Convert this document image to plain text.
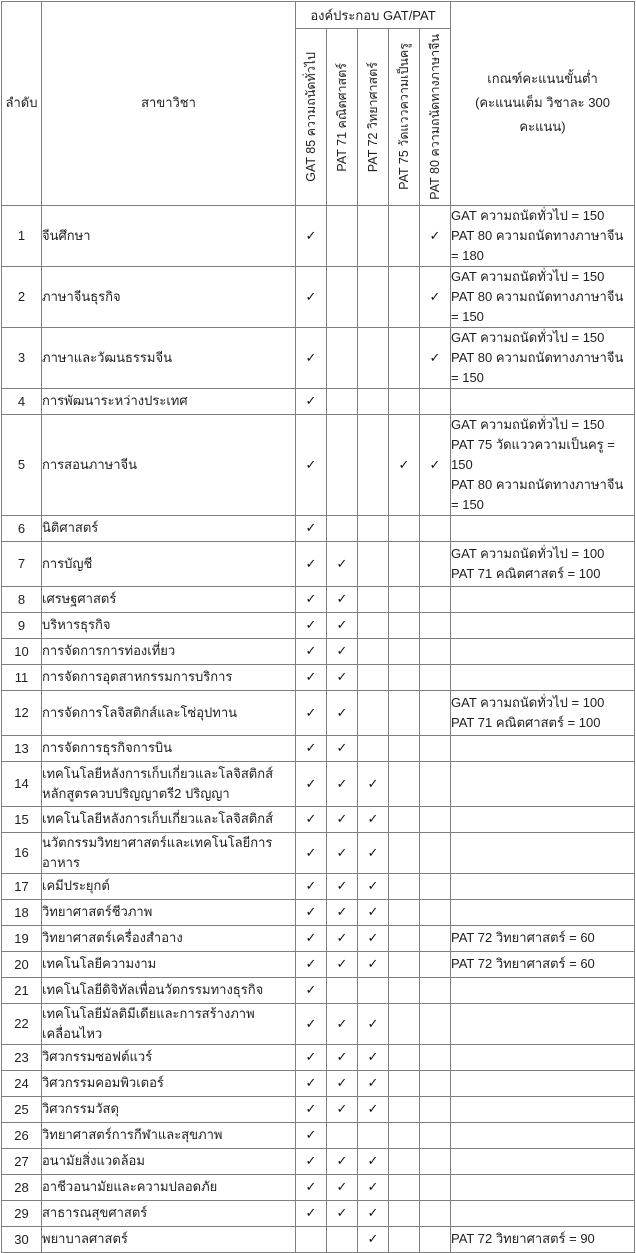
ลำดับ	สาขาวิชา	องค์ประกอบ GAT/PAT					เกณฑ์คะแนนขั้นต่ำ
(คะแนนเต็ม วิชาละ 300 คะแนน)

		GAT 85 ความถนัดทั่วไป	PAT 71 คณิตศาสตร์	PAT 72 วิทยาศาสตร์	PAT 75 วัดแววความเป็นครู	PAT 80 ความถนัดทางภาษาจีน	
1	จีนศึกษา	✓				✓	GAT ความถนัดทั่วไป = 150
PAT 80 ความถนัดทางภาษาจีน = 180

2	ภาษาจีนธุรกิจ	✓				✓	GAT ความถนัดทั่วไป = 150
PAT 80 ความถนัดทางภาษาจีน = 150

3	ภาษาและวัฒนธรรมจีน	✓				✓	GAT ความถนัดทั่วไป = 150
PAT 80 ความถนัดทางภาษาจีน = 150

4	การพัฒนาระหว่างประเทศ	✓					
5	การสอนภาษาจีน	✓			✓	✓	GAT ความถนัดทั่วไป = 150
PAT 75 วัดแววความเป็นครู = 150
PAT 80 ความถนัดทางภาษาจีน = 150

6	นิติศาสตร์	✓					
7	การบัญชี	✓	✓				GAT ความถนัดทั่วไป = 100
PAT 71 คณิตศาสตร์ = 100

8	เศรษฐศาสตร์	✓	✓				
9	บริหารธุรกิจ	✓	✓				
10	การจัดการการท่องเที่ยว	✓	✓				
11	การจัดการอุตสาหกรรมการบริการ	✓	✓				
12	การจัดการโลจิสติกส์และโซ่อุปทาน	✓	✓				GAT ความถนัดทั่วไป = 100
PAT 71 คณิตศาสตร์ = 100

13	การจัดการธุรกิจการบิน	✓	✓				
14	เทคโนโลยีหลังการเก็บเกี่ยวและโลจิสติกส์
หลักสูตรควบปริญญาตรี2 ปริญญา	✓	✓	✓			
15	เทคโนโลยีหลังการเก็บเกี่ยวและโลจิสติกส์	✓	✓	✓			
16	นวัตกรรมวิทยาศาสตร์และเทคโนโลยีการอาหาร	✓	✓	✓			
17	เคมีประยุกต์	✓	✓	✓			
18	วิทยาศาสตร์ชีวภาพ	✓	✓	✓			
19	วิทยาศาสตร์เครื่องสำอาง	✓	✓	✓			PAT 72 วิทยาศาสตร์ = 60

20	เทคโนโลยีความงาม	✓	✓	✓			PAT 72 วิทยาศาสตร์ = 60

21	เทคโนโลยีดิจิทัลเพื่อนวัตกรรมทางธุรกิจ	✓					
22	เทคโนโลยีมัลติมีเดียและการสร้างภาพเคลื่อนไหว	✓	✓	✓			
23	วิศวกรรมซอฟต์แวร์	✓	✓	✓			
24	วิศวกรรมคอมพิวเตอร์	✓	✓	✓			
25	วิศวกรรมวัสดุ	✓	✓	✓			
26	วิทยาศาสตร์การกีฬาและสุขภาพ	✓					
27	อนามัยสิ่งแวดล้อม	✓	✓	✓			
28	อาชีวอนามัยและความปลอดภัย	✓	✓	✓			
29	สาธารณสุขศาสตร์	✓	✓	✓			
30	พยาบาลศาสตร์			✓			PAT 72 วิทยาศาสตร์ = 90
